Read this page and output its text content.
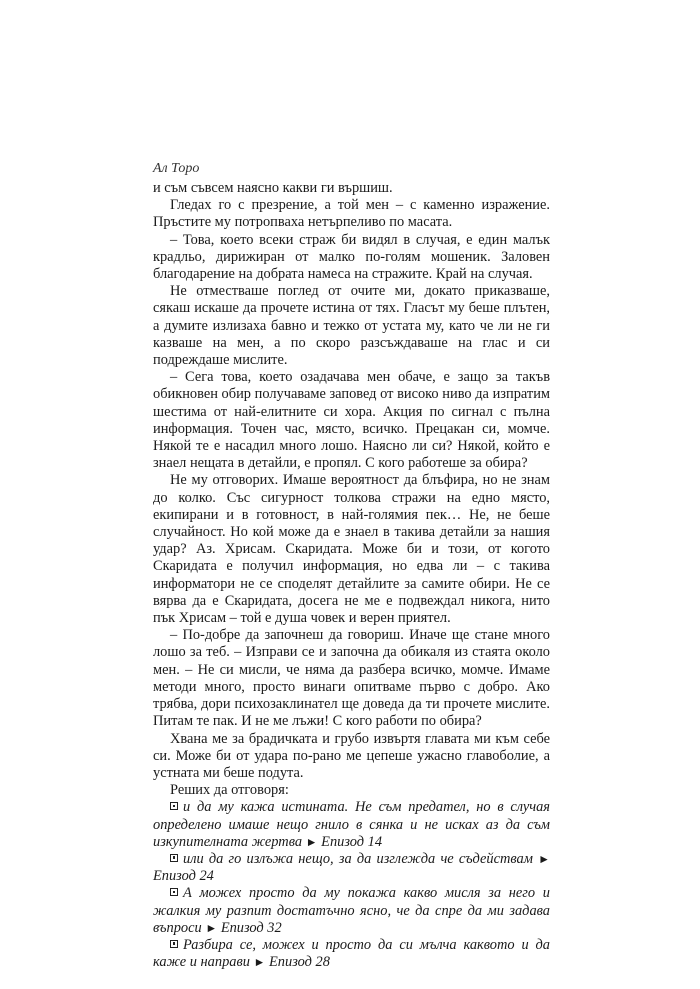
Ал Торо

и съм съвсем наясно какви ги вършиш.

Гледах го с презрение, а той мен – с каменно изражение. Пръстите му потропваха нетърпеливо по масата.

– Това, което всеки страж би видял в случая, е един малък крадльо, дирижиран от малко по-голям мошеник. Заловен благодарение на добрата намеса на стражите. Край на случая.

Не отместваше поглед от очите ми, докато приказваше, сякаш искаше да прочете истина от тях. Гласът му беше плътен, а думите излизаха бавно и тежко от устата му, като че ли не ги казваше на мен, а по скоро разсъждаваше на глас и си подреждаше мислите.

– Сега това, което озадачава мен обаче, е защо за такъв обикновен обир получаваме заповед от високо ниво да изпратим шестима от най-елитните си хора. Акция по сигнал с пълна информация. Точен час, място, всичко. Прецакан си, момче. Някой те е насадил много лошо. Наясно ли си? Някой, който е знаел нещата в детайли, е пропял. С кого работеше за обира?

Не му отговорих. Имаше вероятност да блъфира, но не знам до колко. Със сигурност толкова стражи на едно място, екипирани и в готовност, в най-голямия пек… Не, не беше случайност. Но кой може да е знаел в такива детайли за нашия удар? Аз. Хрисам. Скаридата. Може би и този, от когото Скаридата е получил информация, но едва ли – с такива информатори не се споделят детайлите за самите обири. Не се вярва да е Скаридата, досега не ме е подвеждал никога, нито пък Хрисам – той е душа човек и верен приятел.

– По-добре да започнеш да говориш. Иначе ще стане много лошо за теб. – Изправи се и започна да обикаля из стаята около мен. – Не си мисли, че няма да разбера всичко, момче. Имаме методи много, просто винаги опитваме първо с добро. Ако трябва, дори психозаклинател ще доведа да ти прочете мислите. Питам те пак. И не ме лъжи! С кого работи по обира?

Хвана ме за брадичката и грубо извъртя главата ми към себе си. Може би от удара по-рано ме цепеше ужасно главоболие, а устната ми беше подута.

Реших да отговоря:

и да му кажа истината. Не съм предател, но в случая определено имаше нещо гнило в сянка и не исках аз да съм изкупителната жертва ► Епизод 14

или да го излъжа нещо, за да изглежда че съдействам ► Епизод 24

А можех просто да му покажа какво мисля за него и жалкия му разпит достатъчно ясно, че да спре да ми задава въпроси ► Епизод 32

Разбира се, можех и просто да си мълча каквото и да каже и направи ► Епизод 28
